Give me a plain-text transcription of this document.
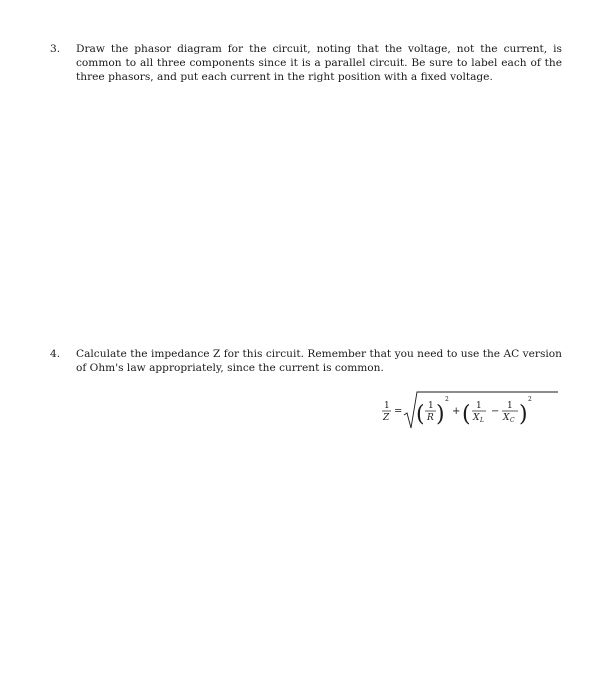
3. Draw the phasor diagram for the circuit, noting that the voltage, not the current, is common to all three components since it is a parallel circuit. Be sure to label each of the three phasors, and put each current in the right position with a fixed voltage.
4. Calculate the impedance Z for this circuit. Remember that you need to use the AC version of Ohm's law appropriately, since the current is common.
1
Z
= ( 1
R )
2
+ ( 1
X L
− 1
X C )
2
